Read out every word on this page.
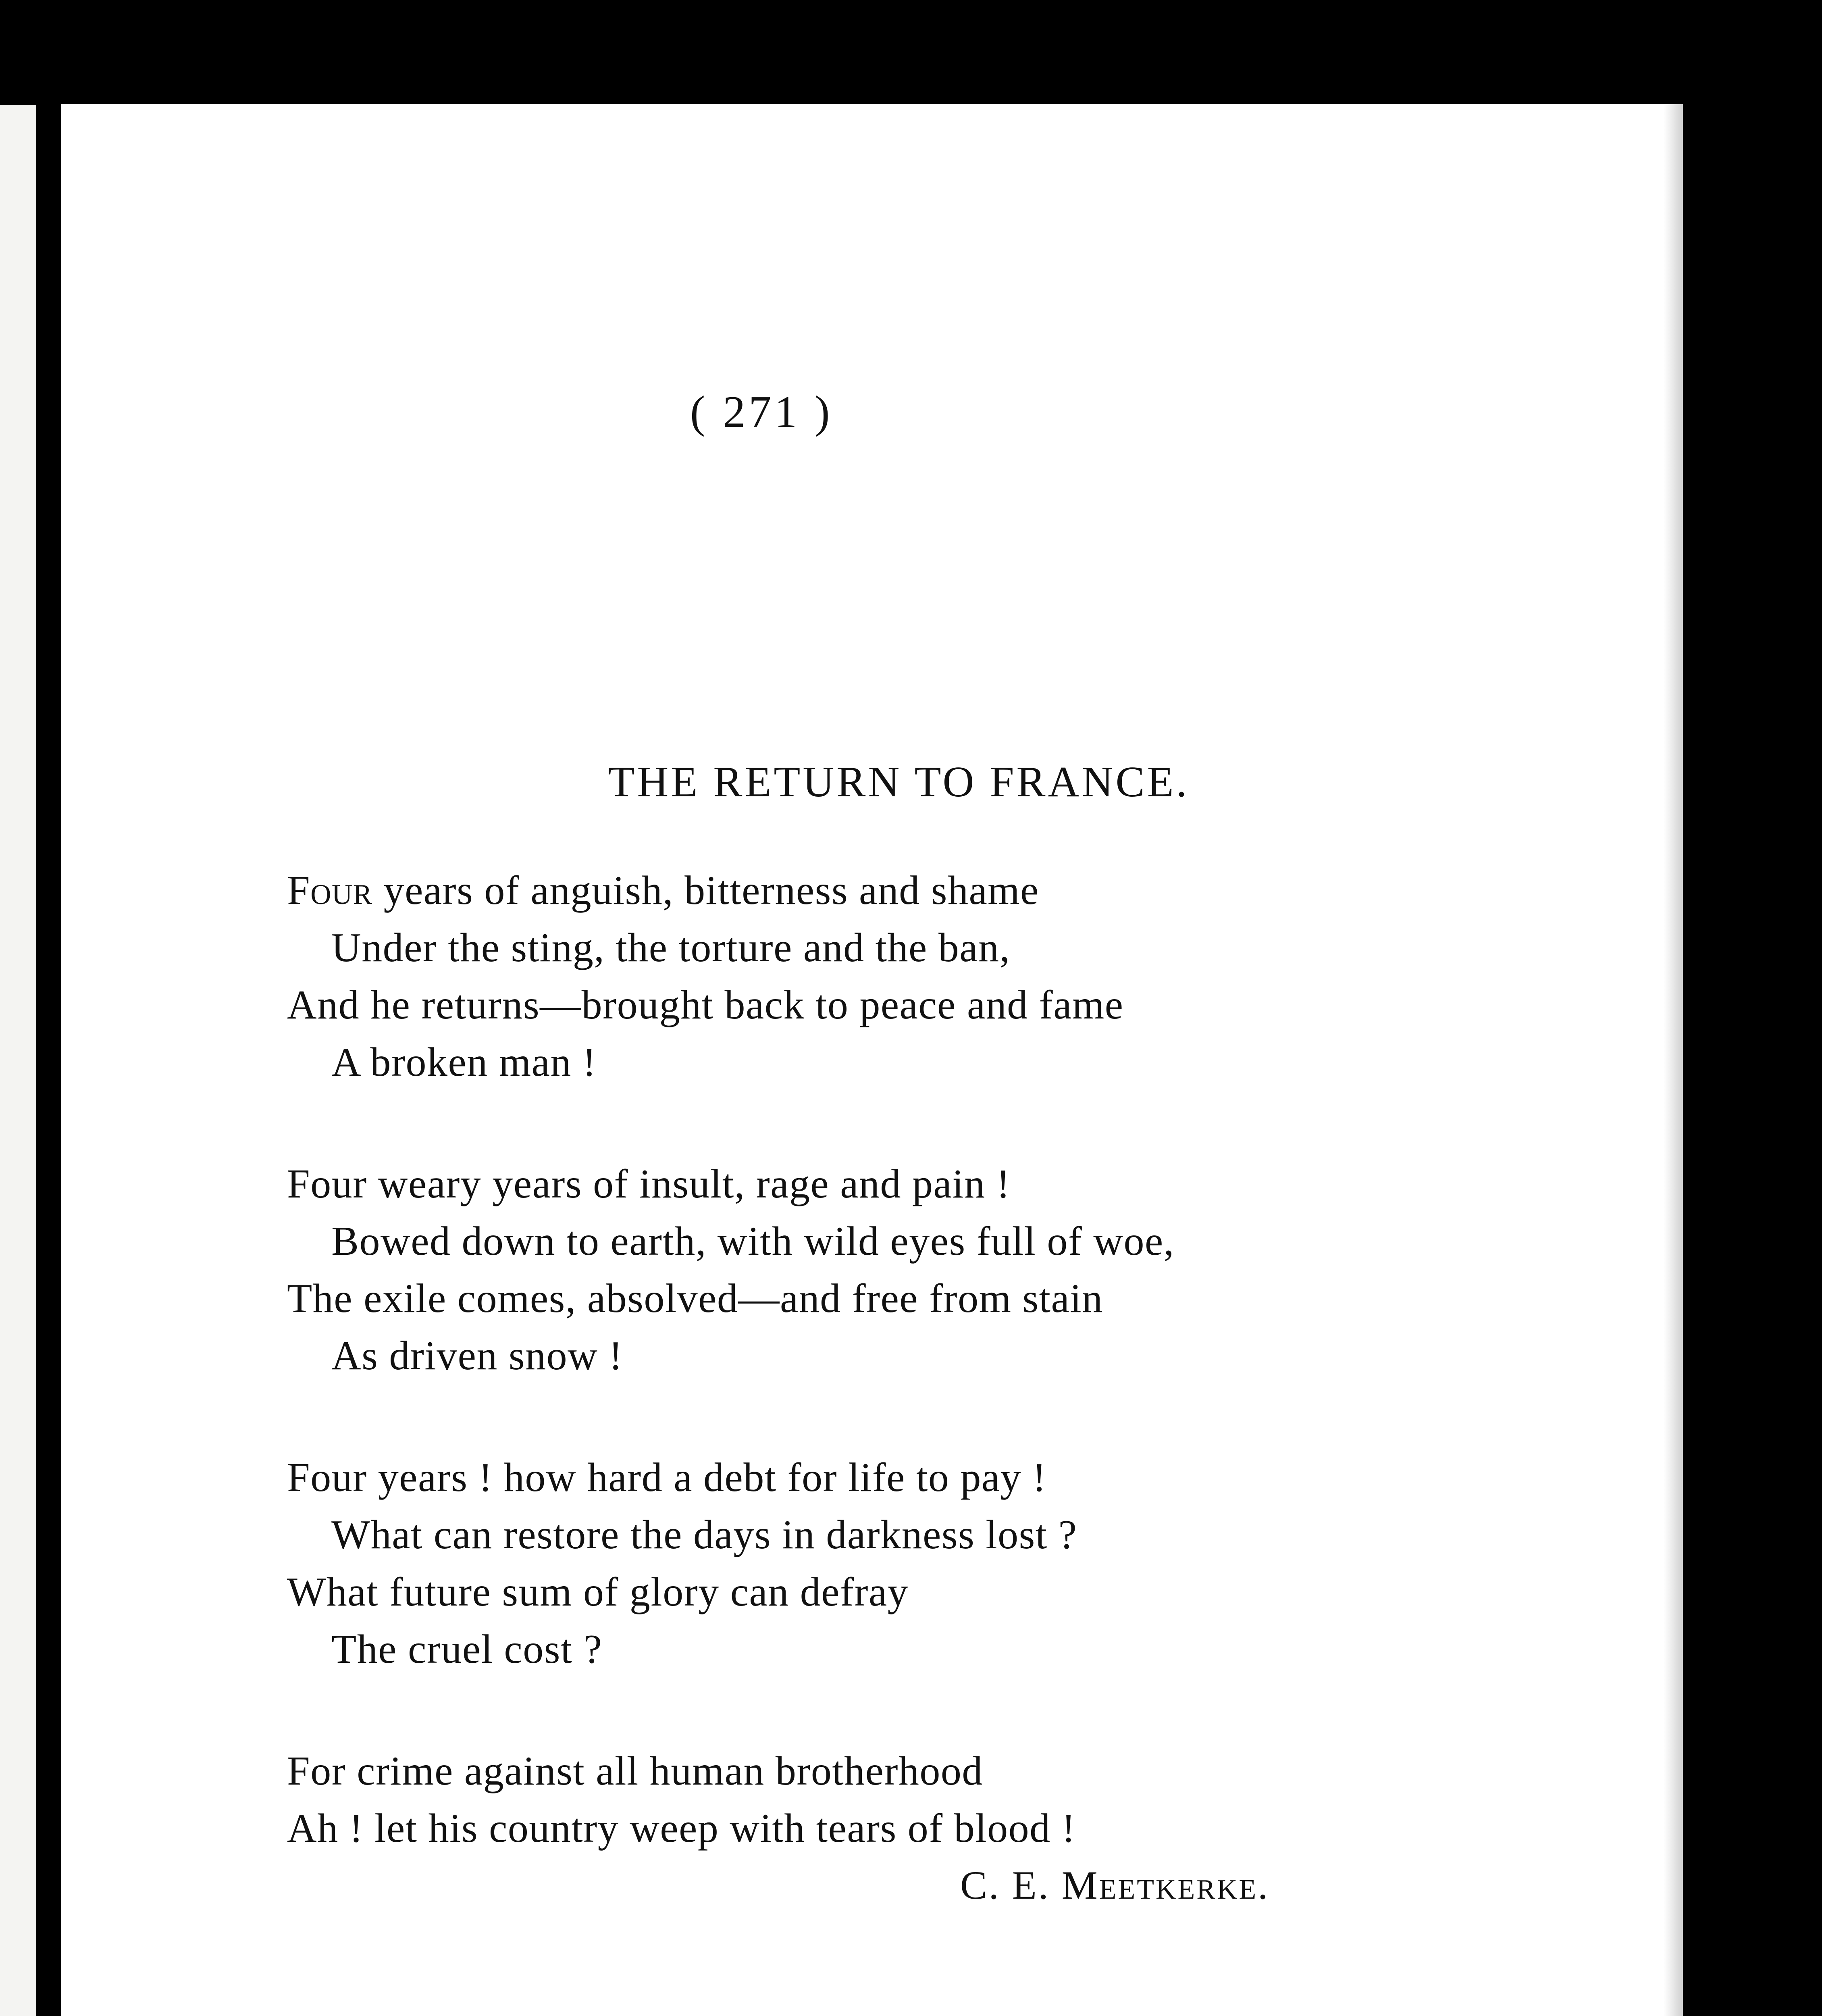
( 271 )
THE RETURN TO FRANCE.
Four years of anguish, bitterness and shame
Under the sting, the torture and the ban,
And he returns—brought back to peace and fame
A broken man !
Four weary years of insult, rage and pain !
Bowed down to earth, with wild eyes full of woe,
The exile comes, absolved—and free from stain
As driven snow !
Four years ! how hard a debt for life to pay !
What can restore the days in darkness lost ?
What future sum of glory can defray
The cruel cost ?
For crime against all human brotherhood
Ah ! let his country weep with tears of blood !
C. E. Meetkerke.
